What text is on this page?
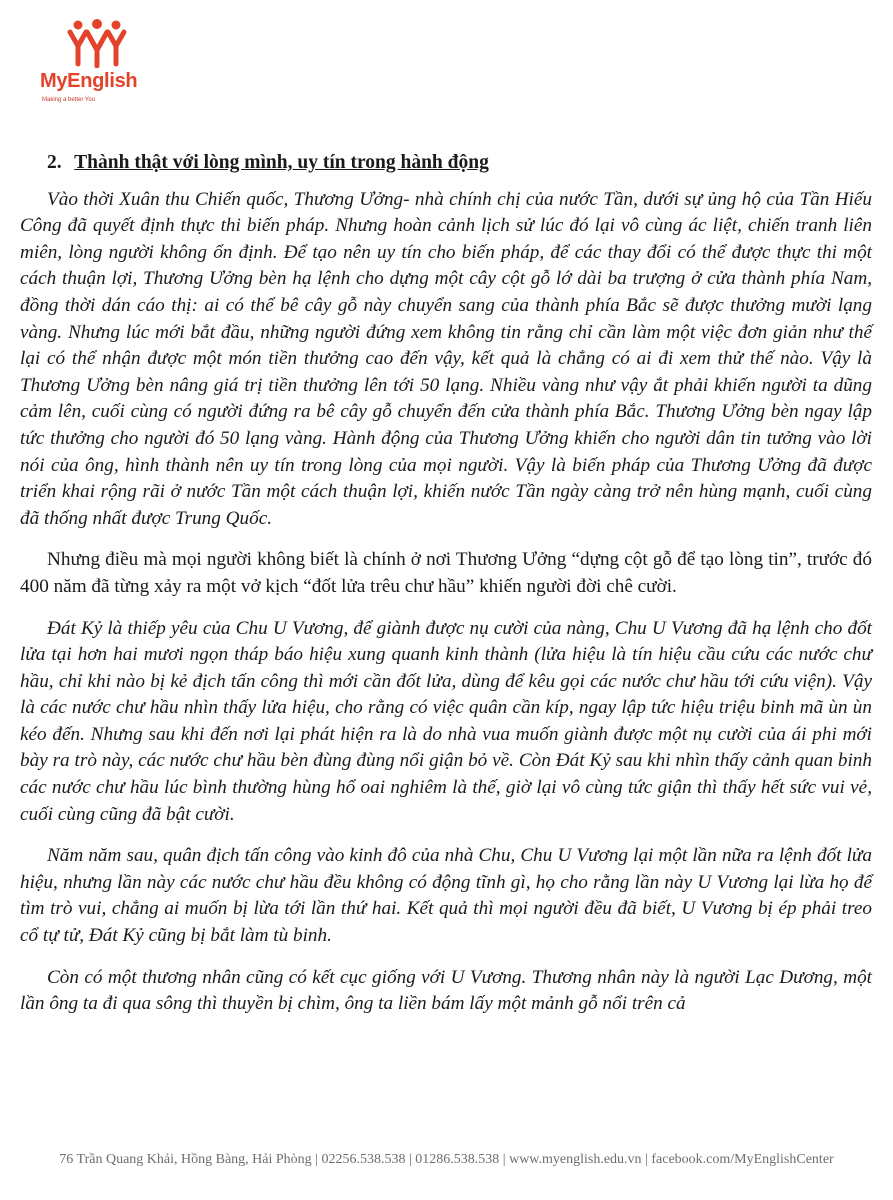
MyEnglish
Making a better You
2. Thành thật với lòng mình, uy tín trong hành động

Vào thời Xuân thu Chiến quốc, Thương Ưởng- nhà chính chị của nước Tần, dưới sự ủng hộ của Tần Hiếu Công đã quyết định thực thi biến pháp. Nhưng hoàn cảnh lịch sử lúc đó lại vô cùng ác liệt, chiến tranh liên miên, lòng người không ổn định. Để tạo nên uy tín cho biến pháp, để các thay đổi có thể được thực thi một cách thuận lợi, Thương Ưởng bèn hạ lệnh cho dựng một cây cột gỗ lớ dài ba trượng ở cửa thành phía Nam, đồng thời dán cáo thị: ai có thể bê cây gỗ này chuyển sang của thành phía Bắc sẽ được thưởng mười lạng vàng. Nhưng lúc mới bắt đầu, những người đứng xem không tin rằng chỉ cần làm một việc đơn giản như thế lại có thể nhận được một món tiền thưởng cao đến vậy, kết quả là chẳng có ai đi xem thử thế nào. Vậy là Thương Ưởng bèn nâng giá trị tiền thưởng lên tới 50 lạng. Nhiều vàng như vậy ắt phải khiến người ta dũng cảm lên, cuối cùng có người đứng ra bê cây gỗ chuyển đến cửa thành phía Bắc. Thương Ưởng bèn ngay lập tức thưởng cho người đó 50 lạng vàng. Hành động của Thương Ưởng khiến cho người dân tin tưởng vào lời nói của ông, hình thành nên uy tín trong lòng của mọi người. Vậy là biến pháp của Thương Ưởng đã được triển khai rộng rãi ở nước Tần một cách thuận lợi, khiến nước Tần ngày càng trở nên hùng mạnh, cuối cùng đã thống nhất được Trung Quốc.

Nhưng điều mà mọi người không biết là chính ở nơi Thương Ưởng “dựng cột gỗ để tạo lòng tin”, trước đó 400 năm đã từng xảy ra một vở kịch “đốt lửa trêu chư hầu” khiến người đời chê cười.

Đát Kỷ là thiếp yêu của Chu U Vương, để giành được nụ cười của nàng, Chu U Vương đã hạ lệnh cho đốt lửa tại hơn hai mươi ngọn tháp báo hiệu xung quanh kinh thành (lửa hiệu là tín hiệu cầu cứu các nước chư hầu, chỉ khi nào bị kẻ địch tấn công thì mới cần đốt lửa, dùng để kêu gọi các nước chư hầu tới cứu viện). Vậy là các nước chư hầu nhìn thấy lửa hiệu, cho rằng có việc quân cần kíp, ngay lập tức hiệu triệu binh mã ùn ùn kéo đến. Nhưng sau khi đến nơi lại phát hiện ra là do nhà vua muốn giành được một nụ cười của ái phi mới bày ra trò này, các nước chư hầu bèn đùng đùng nổi giận bỏ về. Còn Đát Kỷ sau khi nhìn thấy cảnh quan binh các nước chư hầu lúc bình thường hùng hổ oai nghiêm là thế, giờ lại vô cùng tức giận thì thấy hết sức vui vẻ, cuối cùng cũng đã bật cười.

Năm năm sau, quân địch tấn công vào kinh đô của nhà Chu, Chu U Vương lại một lần nữa ra lệnh đốt lửa hiệu, nhưng lần này các nước chư hầu đều không có động tĩnh gì, họ cho rằng lần này U Vương lại lừa họ để tìm trò vui, chẳng ai muốn bị lừa tới lần thứ hai. Kết quả thì mọi người đều đã biết, U Vương bị ép phải treo cổ tự tử, Đát Kỷ cũng bị bắt làm tù binh.

Còn có một thương nhân cũng có kết cục giống với U Vương. Thương nhân này là người Lạc Dương, một lần ông ta đi qua sông thì thuyền bị chìm, ông ta liền bám lấy một mảnh gỗ nổi trên cả

76 Trần Quang Khải, Hồng Bàng, Hải Phòng | 02256.538.538 | 01286.538.538 | www.myenglish.edu.vn | facebook.com/MyEnglishCenter
